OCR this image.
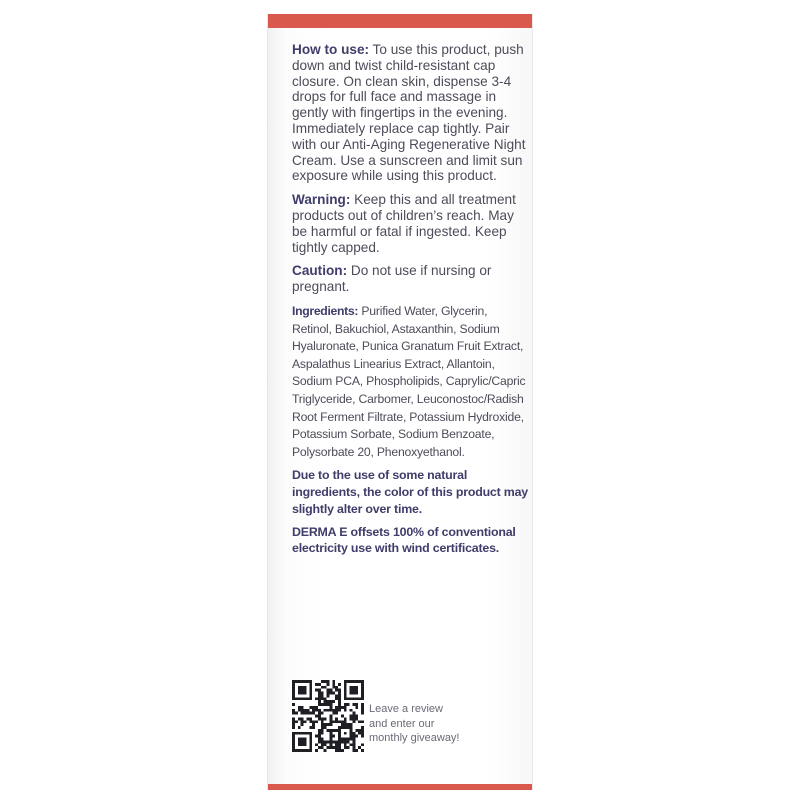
How to use: To use this product, push down and twist child-resistant cap closure. On clean skin, dispense 3-4 drops for full face and massage in gently with fingertips in the evening. Immediately replace cap tightly. Pair with our Anti-Aging Regenerative Night Cream. Use a sunscreen and limit sun exposure while using this product.

Warning: Keep this and all treatment products out of children’s reach. May be harmful or fatal if ingested. Keep tightly capped.

Caution: Do not use if nursing or pregnant.

Ingredients: Purified Water, Glycerin, Retinol, Bakuchiol, Astaxanthin, Sodium Hyaluronate, Punica Granatum Fruit Extract, Aspalathus Linearius Extract, Allantoin, Sodium PCA, Phospholipids, Caprylic/Capric Triglyceride, Carbomer, Leuconostoc/Radish Root Ferment Filtrate, Potassium Hydroxide, Potassium Sorbate, Sodium Benzoate, Polysorbate 20, Phenoxyethanol.

Due to the use of some natural ingredients, the color of this product may slightly alter over time.

DERMA E offsets 100% of conventional electricity use with wind certificates.

Leave a review
and enter our
monthly giveaway!
